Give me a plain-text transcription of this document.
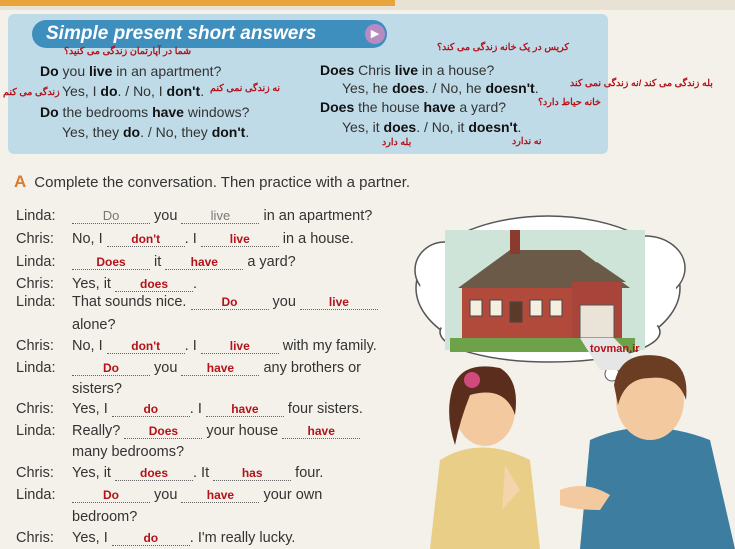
Simple present short answers	▶
Do you live in an apartment?
Yes, I do. / No, I don't.
Do the bedrooms have windows?
Yes, they do. / No, they don't.
Does Chris live in a house?
Yes, he does. / No, he doesn't.
Does the house have a yard?
Yes, it does. / No, it doesn't.
شما در آپارتمان زندگی می کنید؟
نه زندگی نمی کنم
زندگی می کنم
کریس در یک خانه زندگی می کند؟
بله زندگی می کند /نه زندگی نمی کند
خانه حیاط دارد؟
بله دارد	نه ندارد
A Complete the conversation. Then practice with a partner.
Linda:	Do you live in an apartment?
Chris: No, I don't . I live in a house.
Linda:	Does it have a yard?
Chris: Yes, it does .
Linda: That sounds nice.	Do you live
alone?
Chris: No, I don't . I live with my family.
Linda:	Do you have any brothers or
sisters?
Chris: Yes, I	do . I have four sisters.
Linda: Really? Does your house have
many bedrooms?
Chris: Yes, it does . It has four.
Linda:	Do you have your own
bedroom?
Chris: Yes, I	do . I'm really lucky.
tovman.ir
